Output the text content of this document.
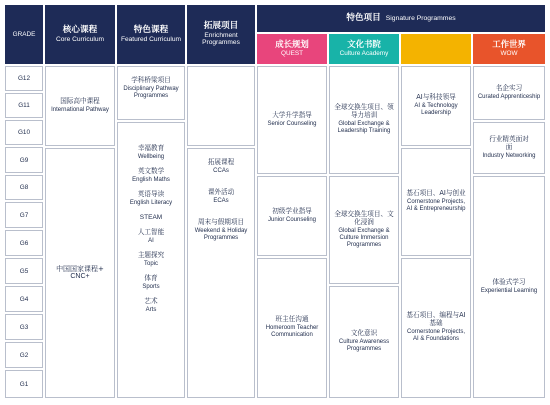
GRADE	核心课程
Core Curriculum
特色课程
Featured Curriculum
拓展项目
Enrichment Programmes
特色项目 Signature Programmes
成长规划
QUEST
文化书院
Culture Academy
工作世界
WOW
G12
G11
G10
G9
G8
G7
G6
G5
G4
G3
G2
G1
国际高中课程
International Pathway
中国国家课程+
CNC+
学科桥梁项目
Disciplinary Pathway Programmes
幸福教育
Wellbeing
英文数学
English Maths
英语导读
English Literacy
STEAM
人工智能
AI
主题探究
Topic
体育
Sports
艺术
Arts
拓展课程
CCAs
课外活动
ECAs
周末与假期项目
Weekend & Holiday Programmes
大学升学指导
Senior Counseling
初级学业指导
Junior Counseling
班主任沟通
Homeroom Teacher Communication
全球交换生项目、领导力培训
Global Exchange & Leadership Training
全球交换生项目、文化浸润
Global Exchange & Culture Immersion Programmes
文化意识
Culture Awareness Programmes
AI与科技领导
AI & Technology Leadership
基石项目、AI与创业
Cornerstone Projects, AI & Entrepreneurship
基石项目、编程与AI基础
Cornerstone Projects, AI & Foundations
名企实习
Curated Apprenticeship
行业精英面对面
Industry Networking
体验式学习
Experiential Learning
